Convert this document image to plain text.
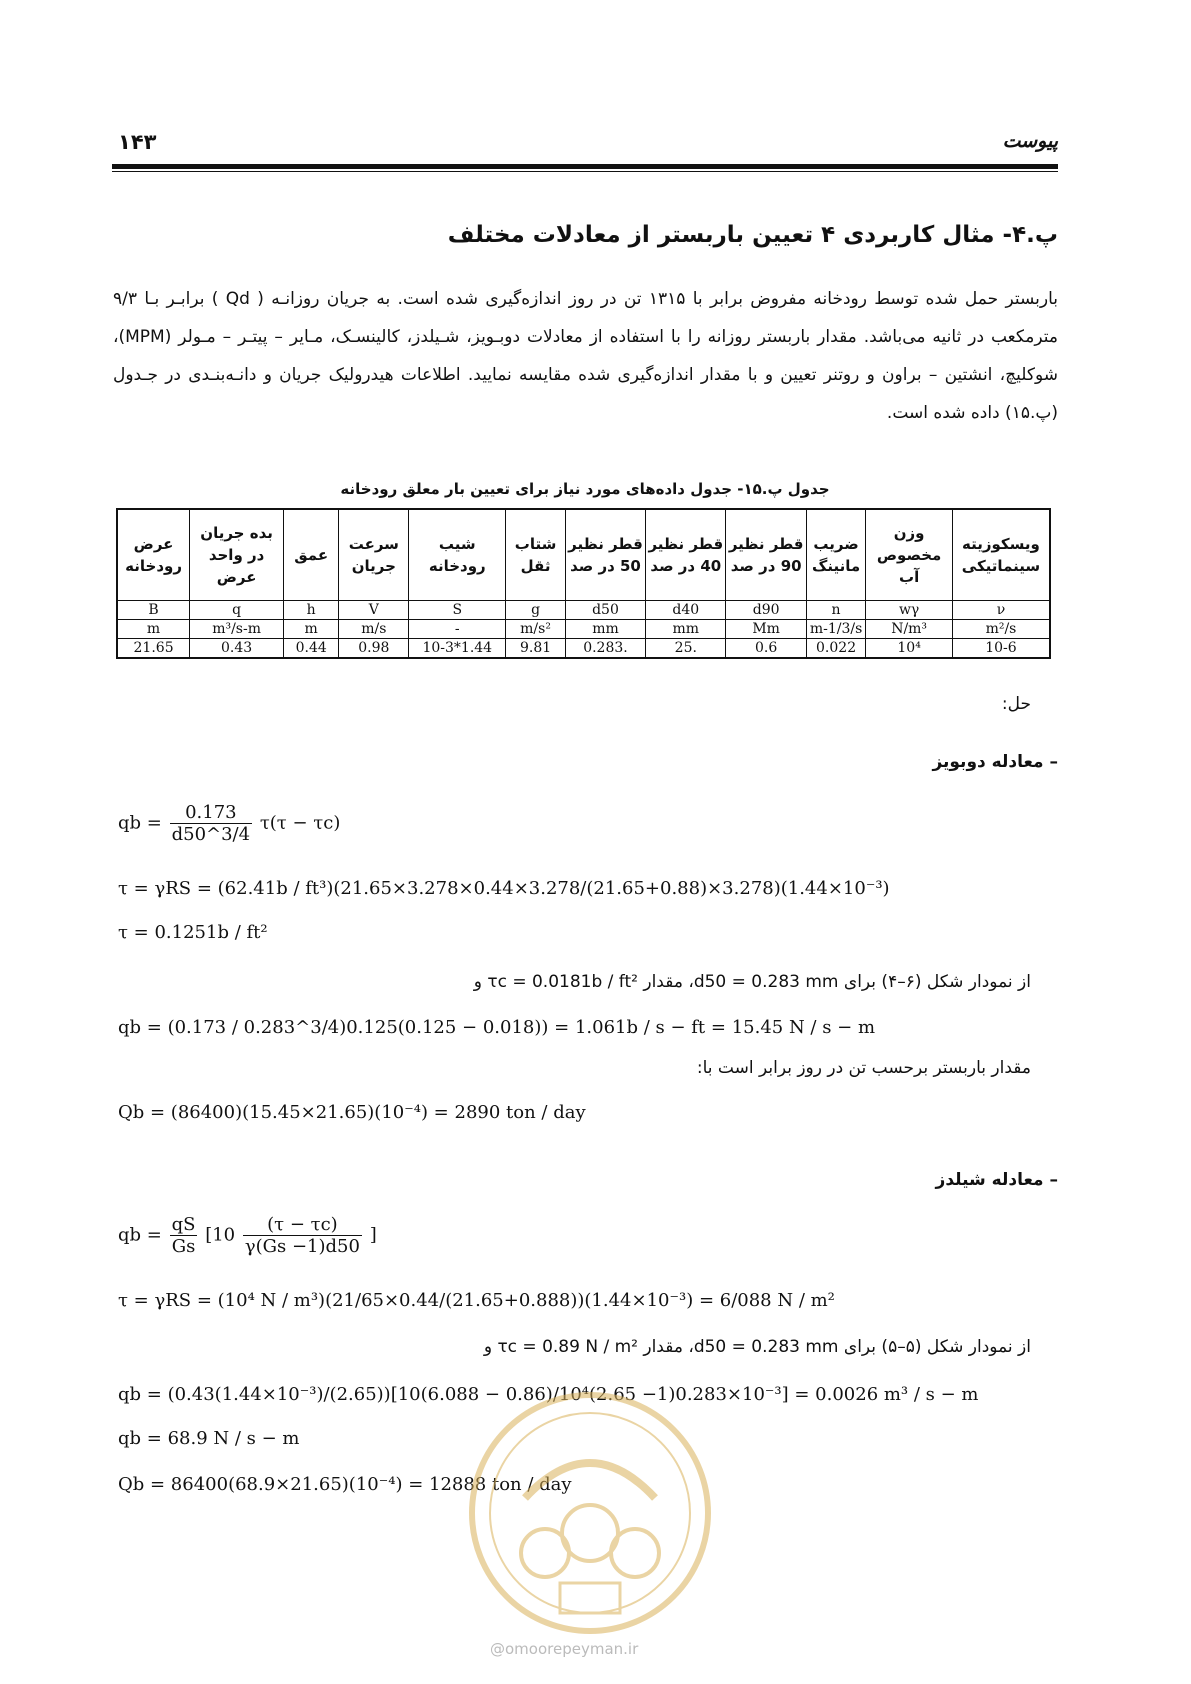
۱۴۳	پیوست
پ.۴- مثال کاربردی ۴ تعیین باربستر از معادلات مختلف
باربستر حمل شده توسط رودخانه مفروض برابر با ۱۳۱۵ تن در روز اندازه‌گیری شده است. به جریان روزانـه ( Qd ) برابـر بـا ۹/۳ مترمکعب در ثانیه می‌باشد. مقدار باربستر روزانه را با استفاده از معادلات دوبـویز، شـیلدز، کالینسـک، مـایر – پیتـر – مـولر (MPM)، شوکلیچ، انشتین – براون و روتنر تعیین و با مقدار اندازه‌گیری شده مقایسه نمایید. اطلاعات هیدرولیک جریان و دانـه‌بنـدی در جـدول (پ.۱۵) داده شده است.
جدول پ.۱۵- جدول داده‌های مورد نیاز برای تعیین بار معلق رودخانه
ویسکوزیته سینماتیکی	وزن مخصوص آب	ضریب مانینگ	قطر نظیر 90 در صد	قطر نظیر 40 در صد	قطر نظیر 50 در صد	شتاب ثقل	شیب رودخانه	سرعت جریان	عمق	بده جریان در واحد عرض	عرض رودخانه
ν	wγ	n	d90	d40	d50	g	S	V	h	q	B
m²/s	N/m³	m-1/3/s	Mm	mm	mm	m/s²	-	m/s	m	m³/s-m	m
10-6	10⁴	0.022	0.6	.25	.0.283	9.81	1.44*10-3	0.98	0.44	0.43	21.65
حل:
– معادله دوبویز
qb = $\frac{0.173}{d50\^{}3/4} \tau(\tau - \tau c)$
τ = γRS = (62.41b / ft³)(21.65×3.278×0.44×3.278/(21.65+0.88)×3.278)(1.44×10⁻³)
τ = 0.1251b / ft²
از نمودار شکل (۶–۴) برای d50 = 0.283 mm، مقدار τc = 0.0181b / ft² و
qb = (0.173 / 0.283^3/4)0.125(0.125 − 0.018)) = 1.061b / s − ft = 15.45 N / s − m
مقدار باربستر برحسب تن در روز برابر است با:
Qb = (86400)(15.45×21.65)(10⁻⁴) = 2890 ton / day
– معادله شیلدز
qb = $\frac{qS}{Gs} [10 \frac{(\tau - \tau c)}{\gamma(Gs -1)d50}$ ]
τ = γRS = (10⁴ N / m³)(21/65×0.44/(21.65+0.888))(1.44×10⁻³) = 6/088 N / m²
از نمودار شکل (۵–۵) برای d50 = 0.283 mm، مقدار τc = 0.89 N / m² و
qb = (0.43(1.44×10⁻³)/(2.65))[10(6.088 − 0.86)/10⁴(2.65 −1)0.283×10⁻³] = 0.0026 m³ / s − m
qb = 68.9 N / s − m
Qb = 86400(68.9×21.65)(10⁻⁴) = 12888 ton / day
@omoorepeyman.ir
